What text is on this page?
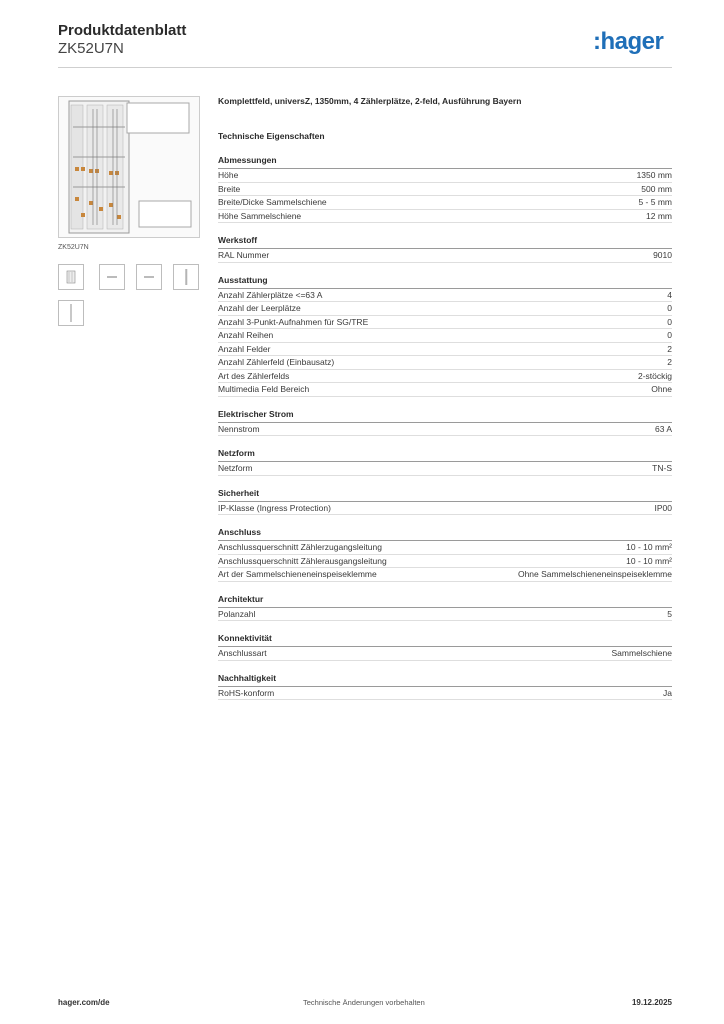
Produktdatenblatt
ZK52U7N	:hager
ZK52U7N
Komplettfeld, universZ, 1350mm, 4 Zählerplätze, 2-feld, Ausführung Bayern
Technische Eigenschaften
Abmessungen
Höhe	1350 mm
Breite	500 mm
Breite/Dicke Sammelschiene	5 - 5 mm
Höhe Sammelschiene	12 mm
Werkstoff
RAL Nummer	9010
Ausstattung
Anzahl Zählerplätze <=63 A	4
Anzahl der Leerplätze	0
Anzahl 3-Punkt-Aufnahmen für SG/TRE	0
Anzahl Reihen	0
Anzahl Felder	2
Anzahl Zählerfeld (Einbausatz)	2
Art des Zählerfelds	2-stöckig
Multimedia Feld Bereich	Ohne
Elektrischer Strom
Nennstrom	63 A
Netzform
Netzform	TN-S
Sicherheit
IP-Klasse (Ingress Protection)	IP00
Anschluss
Anschlussquerschnitt Zählerzugangsleitung	10 - 10 mm²
Anschlussquerschnitt Zählerausgangsleitung	10 - 10 mm²
Art der Sammelschieneneinspeiseklemme	Ohne Sammelschieneneinspeiseklemme
Architektur
Polanzahl	5
Konnektivität
Anschlussart	Sammelschiene
Nachhaltigkeit
RoHS-konform	Ja
hager.com/de	Technische Änderungen vorbehalten	19.12.2025
